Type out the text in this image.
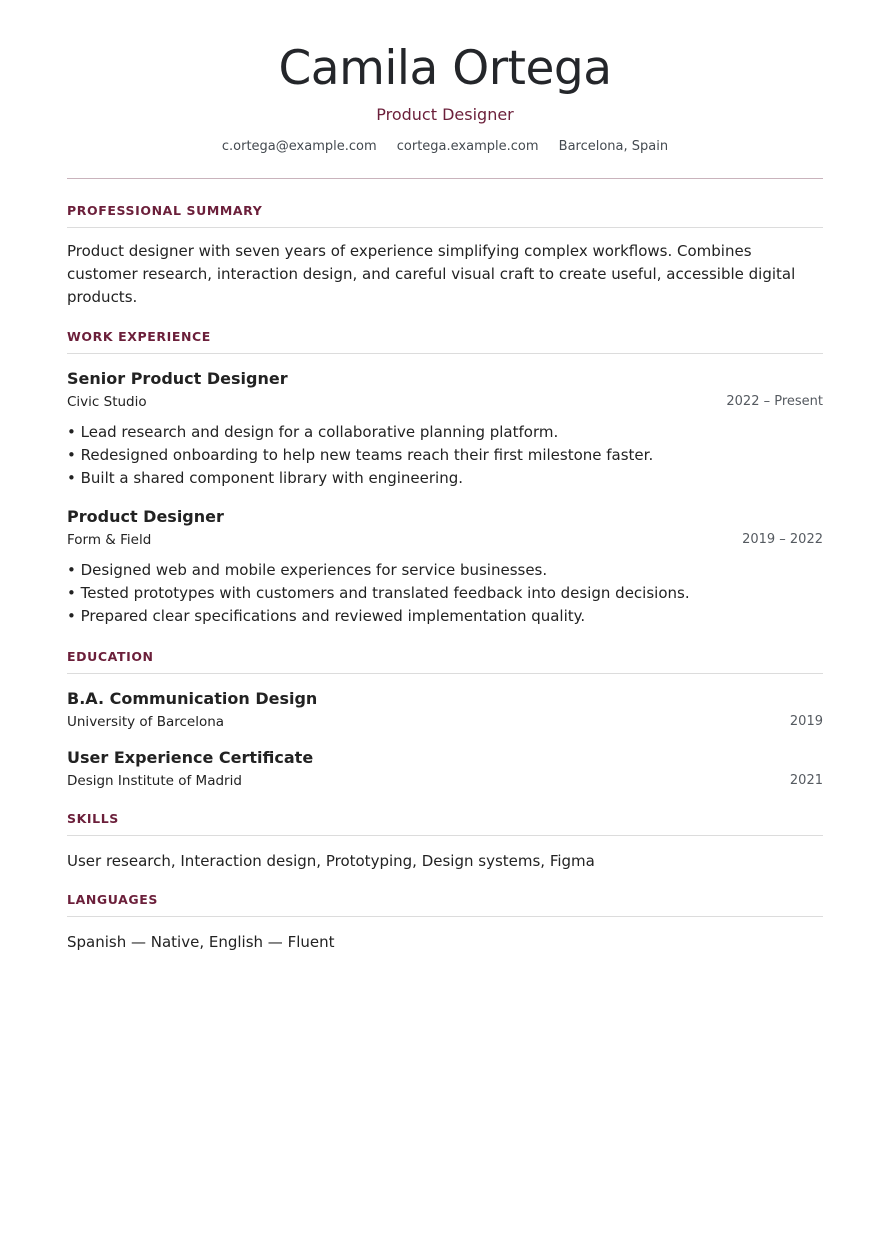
Camila Ortega
Product Designer
c.ortega@example.com cortega.example.com Barcelona, Spain
PROFESSIONAL SUMMARY
Product designer with seven years of experience simplifying complex workflows. Combines customer research, interaction design, and careful visual craft to create useful, accessible digital products.
WORK EXPERIENCE
Senior Product Designer
Civic Studio	2022 – Present
• Lead research and design for a collaborative planning platform.
• Redesigned onboarding to help new teams reach their first milestone faster.
• Built a shared component library with engineering.
Product Designer
Form & Field	2019 – 2022
• Designed web and mobile experiences for service businesses.
• Tested prototypes with customers and translated feedback into design decisions.
• Prepared clear specifications and reviewed implementation quality.
EDUCATION
B.A. Communication Design
University of Barcelona	2019
User Experience Certificate
Design Institute of Madrid	2021
SKILLS
User research, Interaction design, Prototyping, Design systems, Figma
LANGUAGES
Spanish — Native, English — Fluent
